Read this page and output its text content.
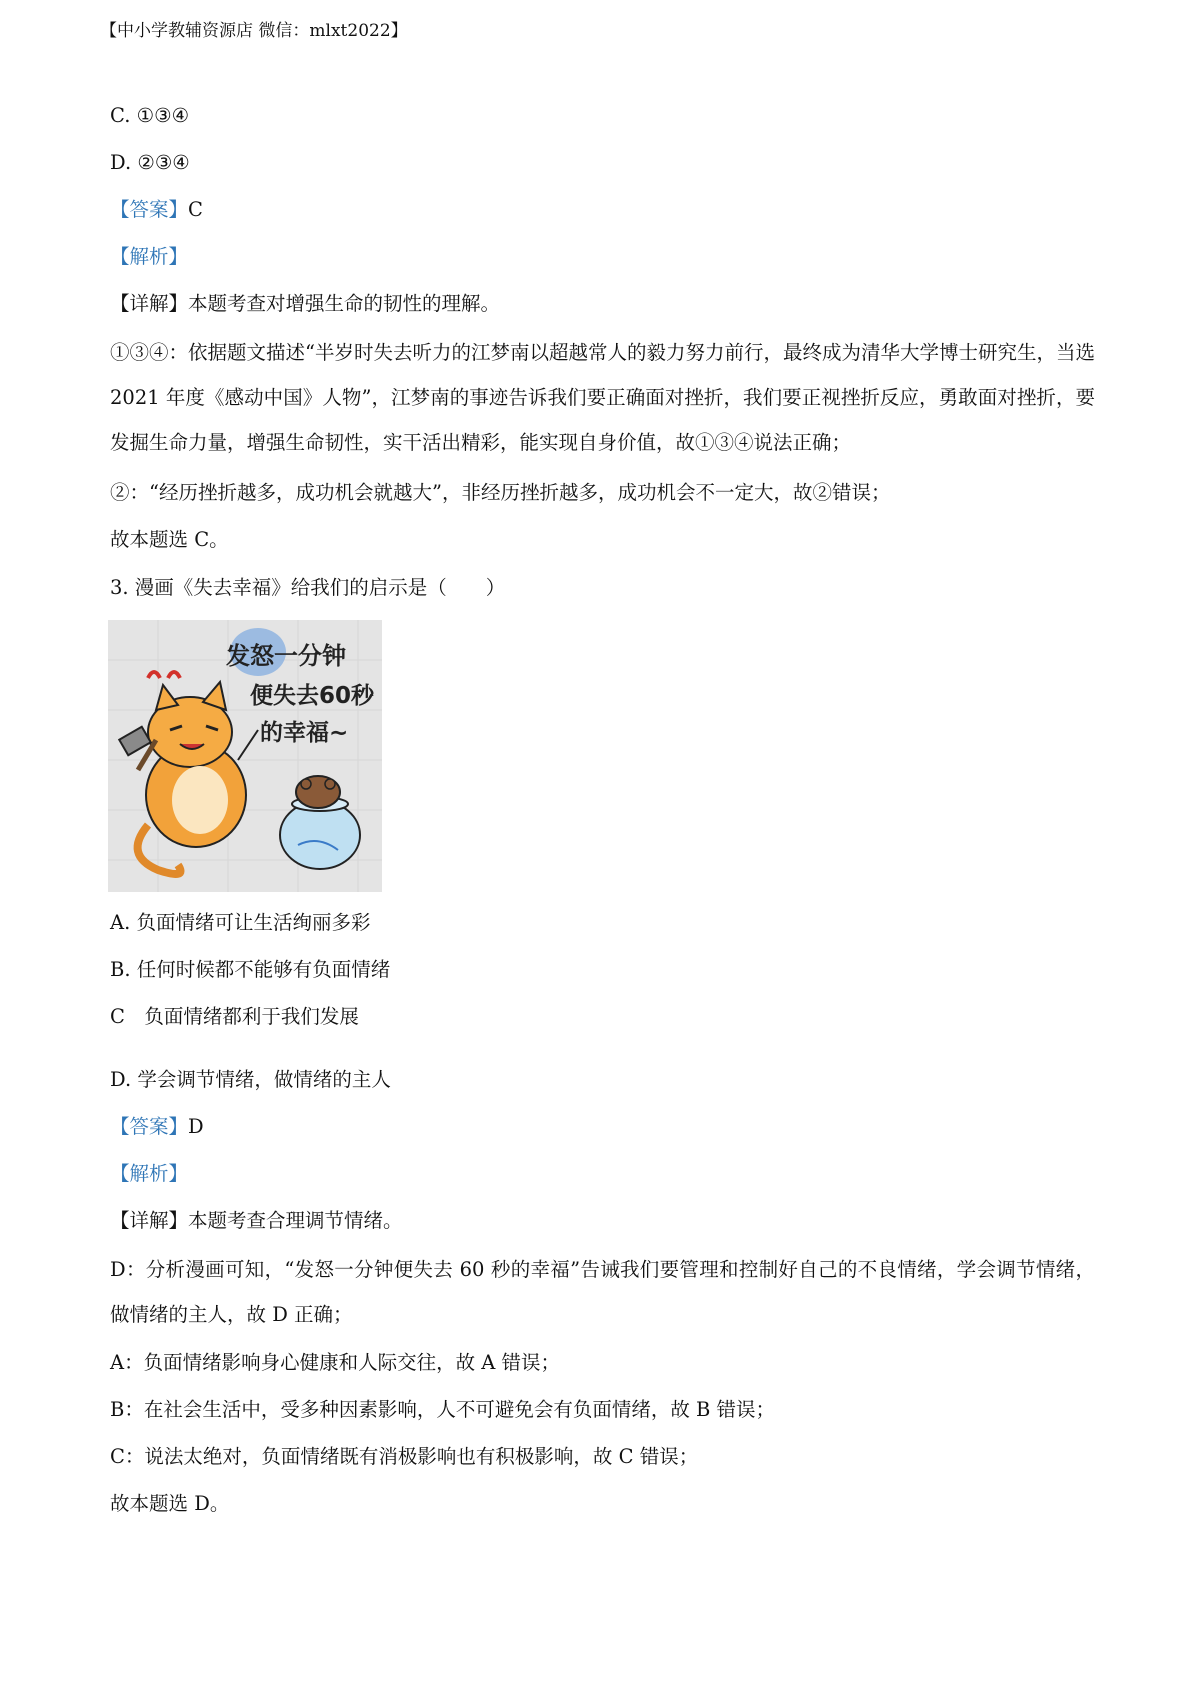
【中小学教辅资源店 微信：mlxt2022】
C. ①③④
D. ②③④
【答案】C
【解析】
【详解】本题考查对增强生命的韧性的理解。
①③④：依据题文描述“半岁时失去听力的江梦南以超越常人的毅力努力前行，最终成为清华大学博士研究生，当选 2021 年度《感动中国》人物”，江梦南的事迹告诉我们要正确面对挫折，我们要正视挫折反应，勇敢面对挫折，要发掘生命力量，增强生命韧性，实干活出精彩，能实现自身价值，故①③④说法正确；
②：“经历挫折越多，成功机会就越大”，非经历挫折越多，成功机会不一定大，故②错误；
故本题选 C。
3. 漫画《失去幸福》给我们的启示是（　　）
发怒一分钟
便失去60秒
的幸福~
A. 负面情绪可让生活绚丽多彩
B. 任何时候都不能够有负面情绪
C　负面情绪都利于我们发展
D. 学会调节情绪，做情绪的主人
【答案】D
【解析】
【详解】本题考查合理调节情绪。
D：分析漫画可知，“发怒一分钟便失去 60 秒的幸福”告诫我们要管理和控制好自己的不良情绪，学会调节情绪，做情绪的主人，故 D 正确；
A：负面情绪影响身心健康和人际交往，故 A 错误；
B：在社会生活中，受多种因素影响，人不可避免会有负面情绪，故 B 错误；
C：说法太绝对，负面情绪既有消极影响也有积极影响，故 C 错误；
故本题选 D。
